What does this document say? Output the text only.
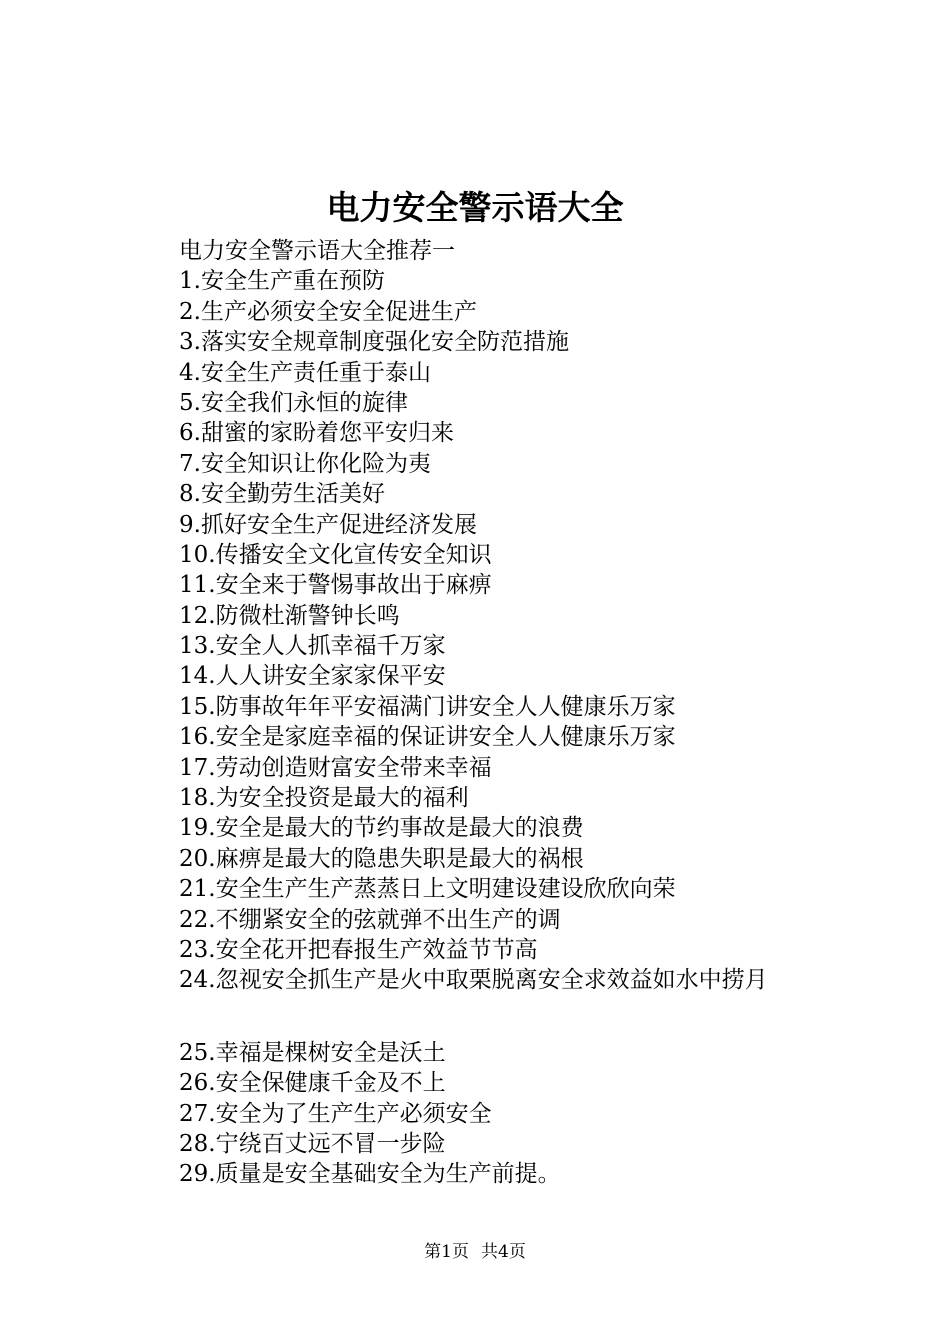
电力安全警示语大全
电力安全警示语大全推荐一
1.安全生产重在预防
2.生产必须安全安全促进生产
3.落实安全规章制度强化安全防范措施
4.安全生产责任重于泰山
5.安全我们永恒的旋律
6.甜蜜的家盼着您平安归来
7.安全知识让你化险为夷
8.安全勤劳生活美好
9.抓好安全生产促进经济发展
10.传播安全文化宣传安全知识
11.安全来于警惕事故出于麻痹
12.防微杜渐警钟长鸣
13.安全人人抓幸福千万家
14.人人讲安全家家保平安
15.防事故年年平安福满门讲安全人人健康乐万家
16.安全是家庭幸福的保证讲安全人人健康乐万家
17.劳动创造财富安全带来幸福
18.为安全投资是最大的福利
19.安全是最大的节约事故是最大的浪费
20.麻痹是最大的隐患失职是最大的祸根
21.安全生产生产蒸蒸日上文明建设建设欣欣向荣
22.不绷紧安全的弦就弹不出生产的调
23.安全花开把春报生产效益节节高
24.忽视安全抓生产是火中取栗脱离安全求效益如水中捞月
25.幸福是棵树安全是沃土
26.安全保健康千金及不上
27.安全为了生产生产必须安全
28.宁绕百丈远不冒一步险
29.质量是安全基础安全为生产前提。
第1页 共4页
